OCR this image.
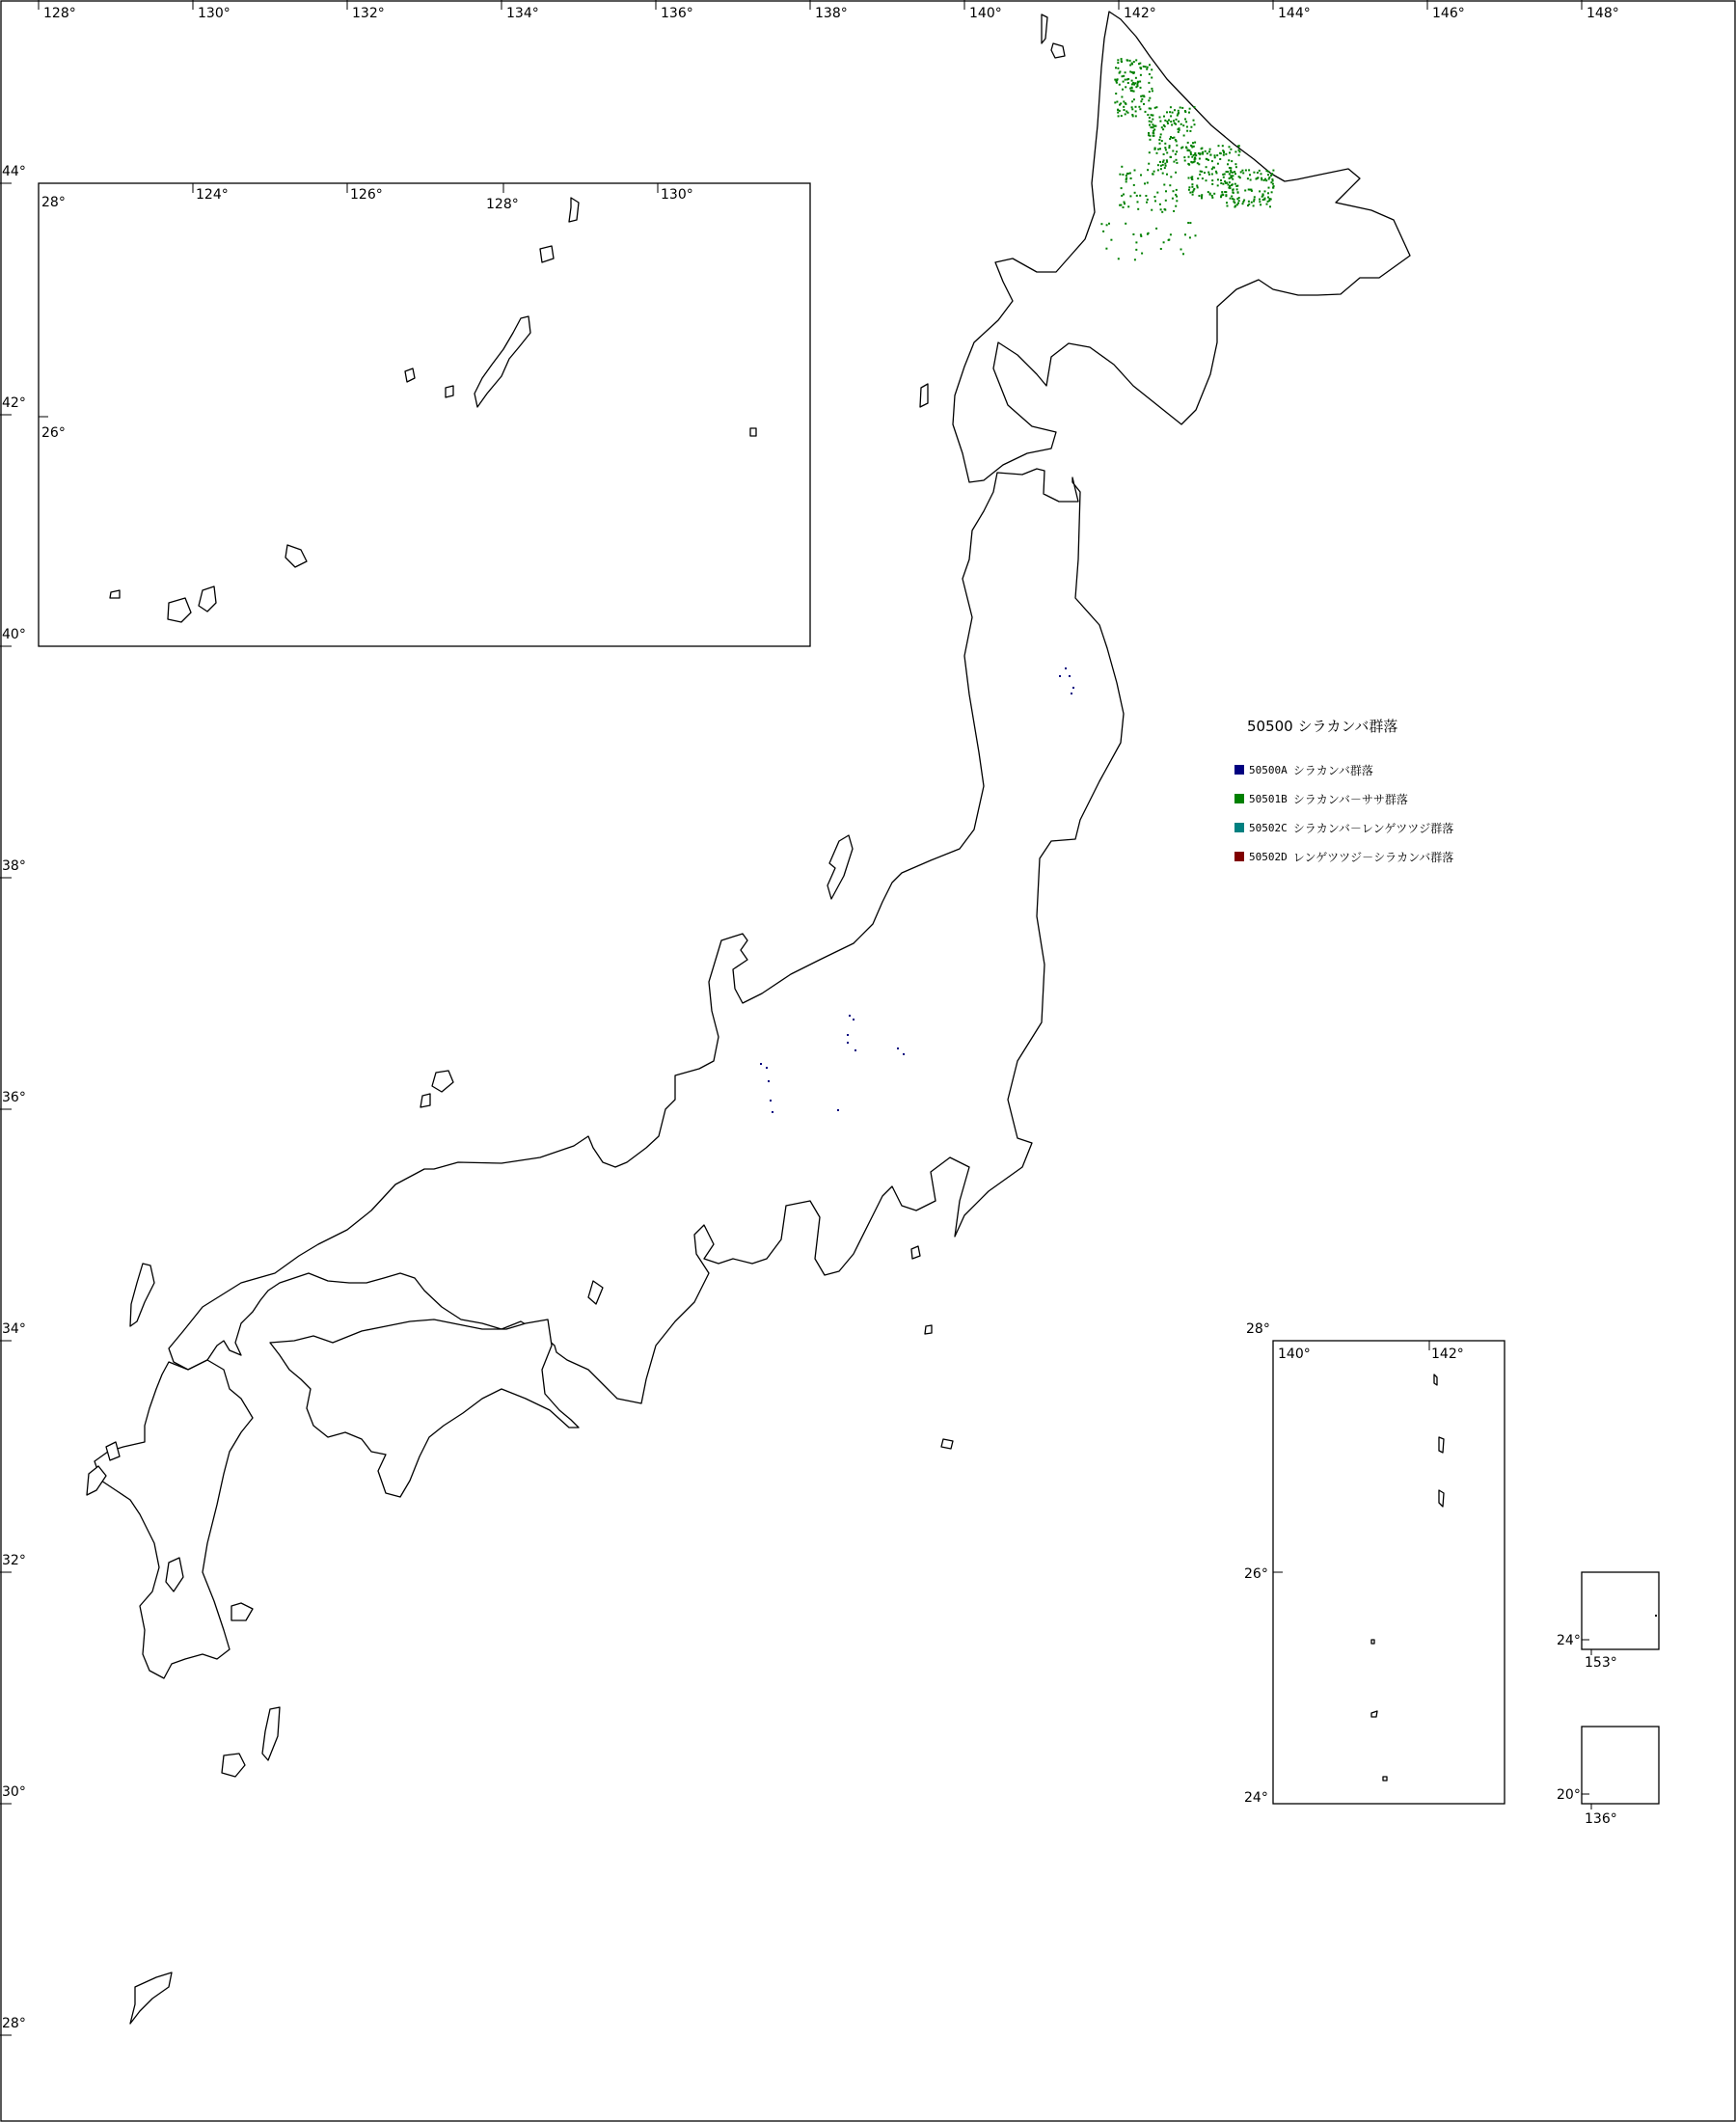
128°	130°	132°	134°	136°	138°	140°	142°	144°	146°	148°
44°
42°
40°
38°
36°
34°
32°
30°
28°
28°	124°	126°
128°
130°
26°
28°
140°	142°
26°
24°
24°
153°
20°
136°
50500 シラカンバ群落
50500A シラカンバ群落
50501B シラカンバ－ササ群落
50502C シラカンバ－レンゲツツジ群落
50502D レンゲツツジ－シラカンバ群落
